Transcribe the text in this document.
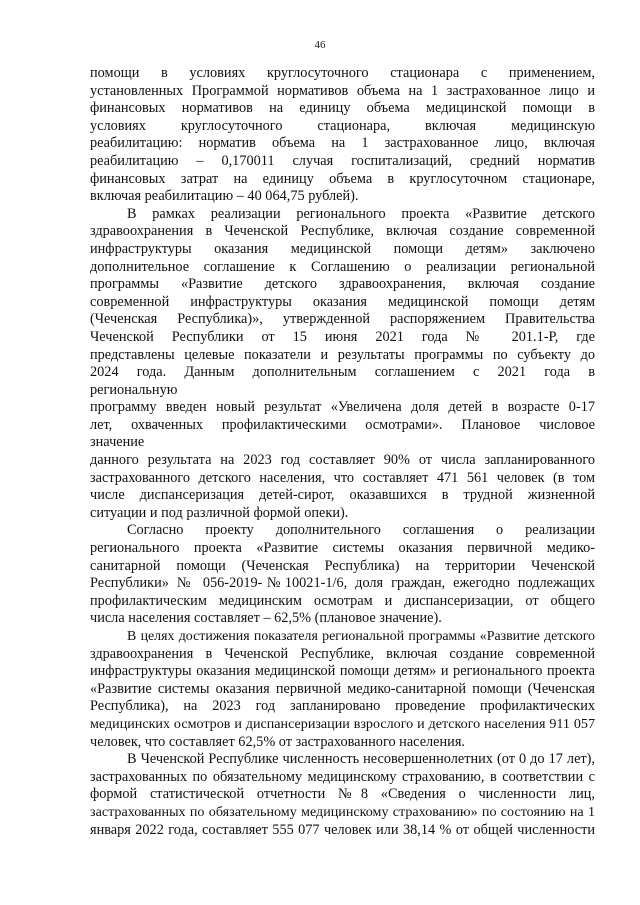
46
помощи в условиях круглосуточного стационара с применением,
установленных Программой нормативов объема на 1 застрахованное лицо и
финансовых нормативов на единицу объема медицинской помощи в
условиях круглосуточного стационара, включая медицинскую
реабилитацию: норматив объема на 1 застрахованное лицо, включая
реабилитацию – 0,170011 случая госпитализаций, средний норматив
финансовых затрат на единицу объема в круглосуточном стационаре,
включая реабилитацию – 40 064,75 рублей).
В рамках реализации регионального проекта «Развитие детского
здравоохранения в Чеченской Республике, включая создание современной
инфраструктуры оказания медицинской помощи детям» заключено
дополнительное соглашение к Соглашению о реализации региональной
программы «Развитие детского здравоохранения, включая создание
современной инфраструктуры оказания медицинской помощи детям
(Чеченская Республика)», утвержденной распоряжением Правительства
Чеченской Республики от 15 июня 2021 года № 201.1-Р, где
представлены целевые показатели и результаты программы по субъекту до
2024 года. Данным дополнительным соглашением с 2021 года в
региональную
программу введен новый результат «Увеличена доля детей в возрасте 0-17
лет, охваченных профилактическими осмотрами». Плановое числовое
значение
данного результата на 2023 год составляет 90% от числа запланированного
застрахованного детского населения, что составляет 471 561 человек (в том
числе диспансеризация детей-сирот, оказавшихся в трудной жизненной
ситуации и под различной формой опеки).
Согласно проекту дополнительного соглашения о реализации
регионального проекта «Развитие системы оказания первичной медико-
санитарной помощи (Чеченская Республика) на территории Чеченской
Республики» № 056-2019-№10021-1/6, доля граждан, ежегодно подлежащих
профилактическим медицинским осмотрам и диспансеризации, от общего
числа населения составляет – 62,5% (плановое значение).
В целях достижения показателя региональной программы «Развитие детского
здравоохранения в Чеченской Республике, включая создание современной
инфраструктуры оказания медицинской помощи детям» и регионального проекта
«Развитие системы оказания первичной медико-санитарной помощи (Чеченская
Республика), на 2023 год запланировано проведение профилактических
медицинских осмотров и диспансеризации взрослого и детского населения 911 057
человек, что составляет 62,5% от застрахованного населения.
В Чеченской Республике численность несовершеннолетних (от 0 до 17 лет),
застрахованных по обязательному медицинскому страхованию, в соответствии с
формой статистической отчетности №8 «Сведения о численности лиц,
застрахованных по обязательному медицинскому страхованию» по состоянию на 1
января 2022 года, составляет 555 077 человек или 38,14 % от общей численности
